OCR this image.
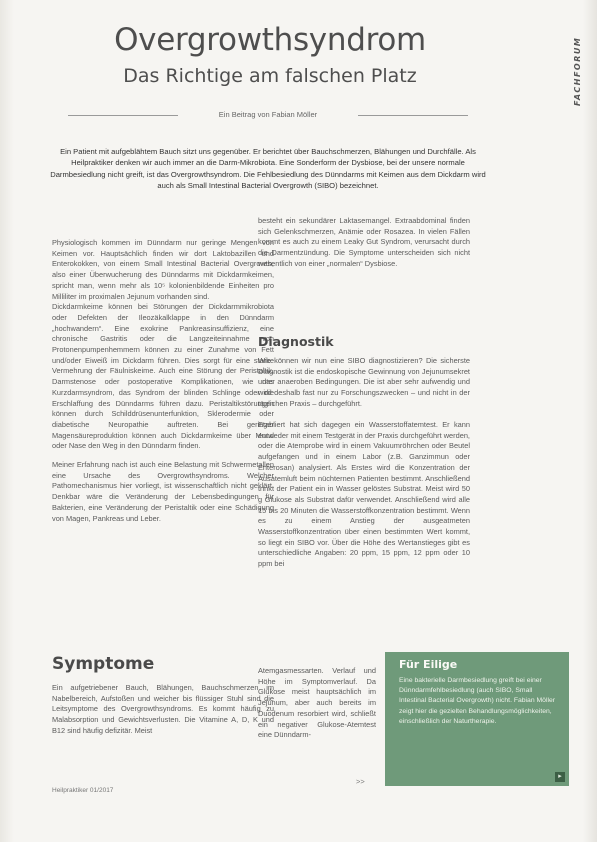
Overgrowthsyndrom
Das Richtige am falschen Platz	FACHFORUM
Ein Beitrag von Fabian Möller
Ein Patient mit aufgeblähtem Bauch sitzt uns gegenüber. Er berichtet über Bauchschmerzen, Blähungen und Durchfälle. Als Heilpraktiker denken wir auch immer an die Darm-Mikrobiota. Eine Sonderform der Dysbiose, bei der unsere normale Darmbesiedlung nicht greift, ist das Overgrowthsyndrom. Die Fehlbesiedlung des Dünndarms mit Keimen aus dem Dickdarm wird auch als Small Intestinal Bacterial Overgrowth (SIBO) bezeichnet.

Physiologisch kommen im Dünndarm nur geringe Mengen von Keimen vor. Hauptsächlich finden wir dort Laktobazillen und Enterokokken, von einem Small Intestinal Bacterial Overgrowth, also einer Überwucherung des Dünndarms mit Dickdarmkeimen, spricht man, wenn mehr als 10⁵ kolonienbildende Einheiten pro Milliliter im proximalen Jejunum vorhanden sind.

Dickdarmkeime können bei Störungen der Dickdarmmikrobiota oder Defekten der Ileozäkalklappe in den Dünndarm „hochwandern“. Eine exokrine Pankreasinsuffizienz, eine chronische Gastritis oder die Langzeiteinnahme von Protonenpumpenhemmern können zu einer Zunahme von Fett und/oder Eiweiß im Dickdarm führen. Dies sorgt für eine starke Vermehrung der Fäulniskeime. Auch eine Störung der Peristaltik, Darmstenose oder postoperative Komplikationen, wie das Kurzdarmsyndrom, das Syndrom der blinden Schlinge oder die Erschlaffung des Dünndarms führen dazu. Peristaltikstörungen können durch Schilddrüsenunterfunktion, Sklerodermie oder diabetische Neuropathie auftreten. Bei geringer Magensäureproduktion können auch Dickdarmkeime über Mund oder Nase den Weg in den Dünndarm finden.

Meiner Erfahrung nach ist auch eine Belastung mit Schwermetallen eine Ursache des Overgrowthsyndroms. Welcher Pathomechanismus hier vorliegt, ist wissenschaftlich nicht geklärt. Denkbar wäre die Veränderung der Lebensbedingungen für Bakterien, eine Veränderung der Peristaltik oder eine Schädigung von Magen, Pankreas und Leber.

Symptome
Ein aufgetriebener Bauch, Blähungen, Bauchschmerzen im Nabelbereich, Aufstoßen und weicher bis flüssiger Stuhl sind die Leitsymptome des Overgrowthsyndroms. Es kommt häufig zu Malabsorption und Gewichtsverlusten. Die Vitamine A, D, K und B12 sind häufig defizitär. Meist

besteht ein sekundärer Laktasemangel. Extraabdominal finden sich Gelenkschmerzen, Anämie oder Rosazea. In vielen Fällen kommt es auch zu einem Leaky Gut Syndrom, verursacht durch die Darmentzündung. Die Symptome unterscheiden sich nicht wesentlich von einer „normalen“ Dysbiose.

Diagnostik
Wie können wir nun eine SIBO diagnostizieren? Die sicherste Diagnostik ist die endoskopische Gewinnung von Jejunumsekret unter anaeroben Bedingungen. Die ist aber sehr aufwendig und wird deshalb fast nur zu Forschungszwecken – und nicht in der täglichen Praxis – durchgeführt.
Etabliert hat sich dagegen ein Wasserstoffatemtest. Er kann entweder mit einem Testgerät in der Praxis durchgeführt werden, oder die Atemprobe wird in einem Vakuumröhrchen oder Beutel aufgefangen und in einem Labor (z.B. Ganzimmun oder Enterosan) analysiert. Als Erstes wird die Konzentration der Ausatemluft beim nüchternen Patienten bestimmt. Anschließend trinkt der Patient ein in Wasser gelöstes Substrat. Meist wird 50 g Glukose als Substrat dafür verwendet. Anschließend wird alle 15 bis 20 Minuten die Wasserstoffkonzentration bestimmt. Wenn es zu einem Anstieg der ausgeatmeten Wasserstoffkonzentration über einen bestimmten Wert kommt, so liegt ein SIBO vor. Über die Höhe des Wertanstieges gibt es unterschiedliche Angaben: 20 ppm, 15 ppm, 12 ppm oder 10 ppm bei
Atemgasmessarten. Verlauf und Höhe im Symptomverlauf. Da Glukose meist hauptsächlich im Jejunum, aber auch bereits im Duodenum resorbiert wird, schließt ein negativer Glukose-Atemtest eine Dünndarm-
Für Eilige
Eine bakterielle Darmbesiedlung greift bei einer Dünndarmfehlbesiedlung (auch SIBO, Small Intestinal Bacterial Overgrowth) nicht. Fabian Möller zeigt hier die gezielten Behandlungsmöglichkeiten, einschließlich der Naturtherapie.
▸
>>
Heilpraktiker 01/2017
